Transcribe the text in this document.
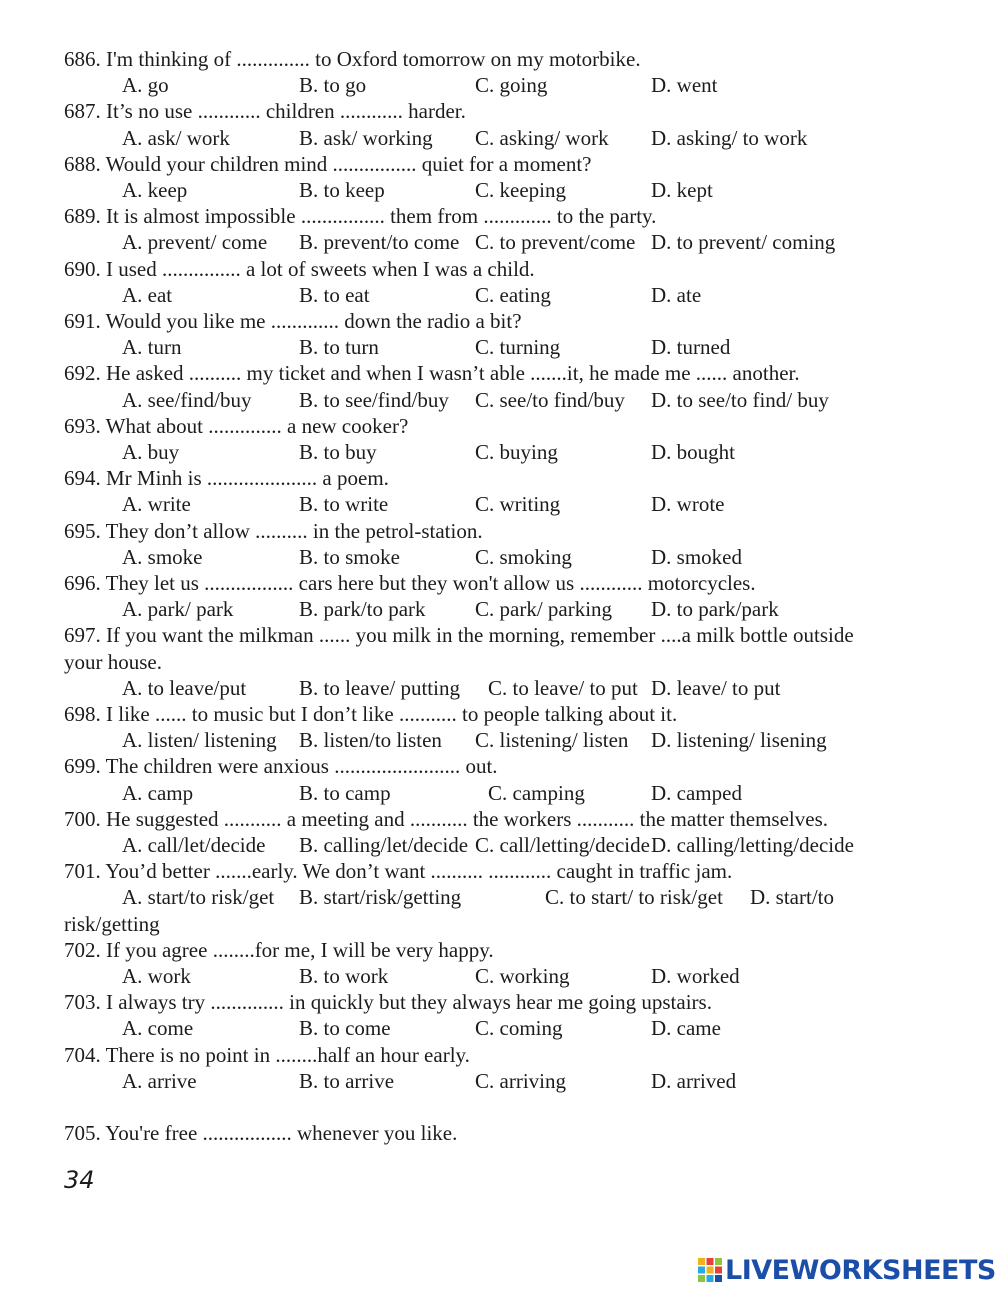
686. I'm thinking of .............. to Oxford tomorrow on my motorbike.
A. go	B. to go	C. going	D. went
687. It’s no use ............ children ............ harder.
A. ask/ work	B. ask/ working C. asking/ work D. asking/ to work
688. Would your children mind ................ quiet for a moment?
A. keep	B. to keep	C. keeping	D. kept
689. It is almost impossible ................ them from ............. to the party.
A. prevent/ come B. prevent/to come C. to prevent/come D. to prevent/ coming
690. I used ............... a lot of sweets when I was a child.
A. eat	B. to eat	C. eating	D. ate
691. Would you like me ............. down the radio a bit?
A. turn	B. to turn	C. turning	D. turned
692. He asked .......... my ticket and when I wasn’t able .......it, he made me ...... another.
A. see/find/buy B. to see/find/buy C. see/to find/buy D. to see/to find/ buy
693. What about .............. a new cooker?
A. buy	B. to buy	C. buying	D. bought
694. Mr Minh is ..................... a poem.
A. write	B. to write	C. writing	D. wrote
695. They don’t allow .......... in the petrol-station.
A. smoke	B. to smoke	C. smoking	D. smoked
696. They let us ................. cars here but they won't allow us ............ motorcycles.
A. park/ park	B. park/to park C. park/ parking D. to park/park
697. If you want the milkman ...... you milk in the morning, remember ....a milk bottle outside
your house.
A. to leave/put	B. to leave/ putting C. to leave/ to put D. leave/ to put
698. I like ...... to music but I don’t like ........... to people talking about it.
A. listen/ listening B. listen/to listen C. listening/ listen D. listening/ lisening
699. The children were anxious ........................ out.
A. camp	B. to camp	C. camping	D. camped
700. He suggested ........... a meeting and ........... the workers ........... the matter themselves.
A. call/let/decide B. calling/let/decide C. call/letting/decide D. calling/letting/decide
701. You’d better .......early. We don’t want .......... ............ caught in traffic jam.
A. start/to risk/get B. start/risk/getting	C. to start/ to risk/get D. start/to
risk/getting
702. If you agree ........for me, I will be very happy.
A. work	B. to work	C. working	D. worked
703. I always try .............. in quickly but they always hear me going upstairs.
A. come	B. to come	C. coming	D. came
704. There is no point in ........half an hour early.
A. arrive	B. to arrive	C. arriving	D. arrived
705. You're free ................. whenever you like.
34
LIVEWORKSHEETS
